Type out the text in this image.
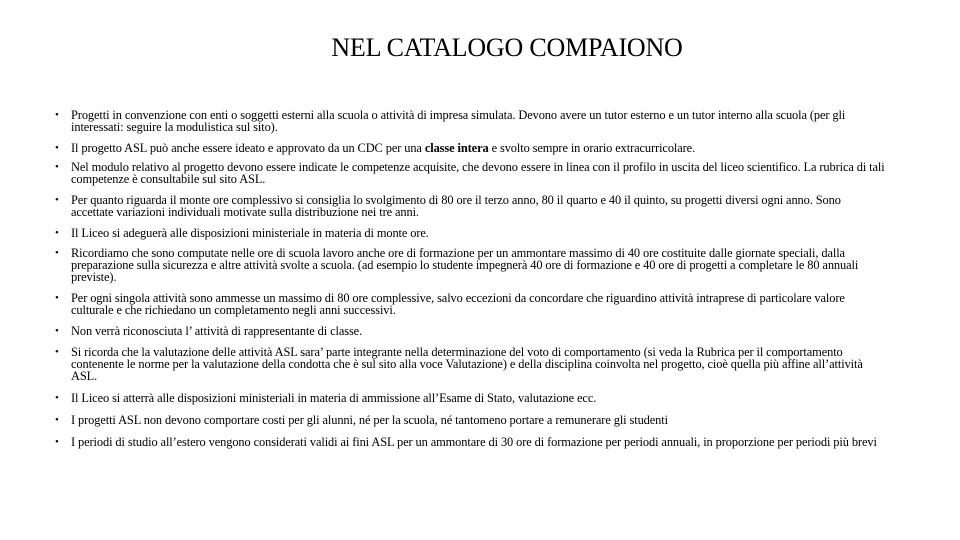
NEL CATALOGO COMPAIONO
• Progetti in convenzione con enti o soggetti esterni alla scuola o attività di impresa simulata. Devono avere un tutor esterno e un tutor interno alla scuola (per gli interessati: seguire la modulistica sul sito).
• Il progetto ASL può anche essere ideato e approvato da un CDC per una classe intera e svolto sempre in orario extracurricolare.
• Nel modulo relativo al progetto devono essere indicate le competenze acquisite, che devono essere in linea con il profilo in uscita del liceo scientifico. La rubrica di tali competenze è consultabile sul sito ASL.
• Per quanto riguarda il monte ore complessivo si consiglia lo svolgimento di 80 ore il terzo anno, 80 il quarto e 40 il quinto, su progetti diversi ogni anno. Sono accettate variazioni individuali motivate sulla distribuzione nei tre anni.
• Il Liceo si adeguerà alle disposizioni ministeriale in materia di monte ore.
• Ricordiamo che sono computate nelle ore di scuola lavoro anche ore di formazione per un ammontare massimo di 40 ore costituite dalle giornate speciali, dalla preparazione sulla sicurezza e altre attività svolte a scuola. (ad esempio lo studente impegnerà 40 ore di formazione e 40 ore di progetti a completare le 80 annuali previste).
• Per ogni singola attività sono ammesse un massimo di 80 ore complessive, salvo eccezioni da concordare che riguardino attività intraprese di particolare valore culturale e che richiedano un completamento negli anni successivi.
• Non verrà riconosciuta l’ attività di rappresentante di classe.
• Si ricorda che la valutazione delle attività ASL sara’ parte integrante nella determinazione del voto di comportamento (si veda la Rubrica per il comportamento contenente le norme per la valutazione della condotta che è sul sito alla voce Valutazione) e della disciplina coinvolta nel progetto, cioè quella più affine all’attività ASL.
• Il Liceo si atterrà alle disposizioni ministeriali in materia di ammissione all’Esame di Stato, valutazione ecc.
• I progetti ASL non devono comportare costi per gli alunni, né per la scuola, né tantomeno portare a remunerare gli studenti
• I periodi di studio all’estero vengono considerati validi ai fini ASL per un ammontare di 30 ore di formazione per periodi annuali, in proporzione per periodi più brevi
